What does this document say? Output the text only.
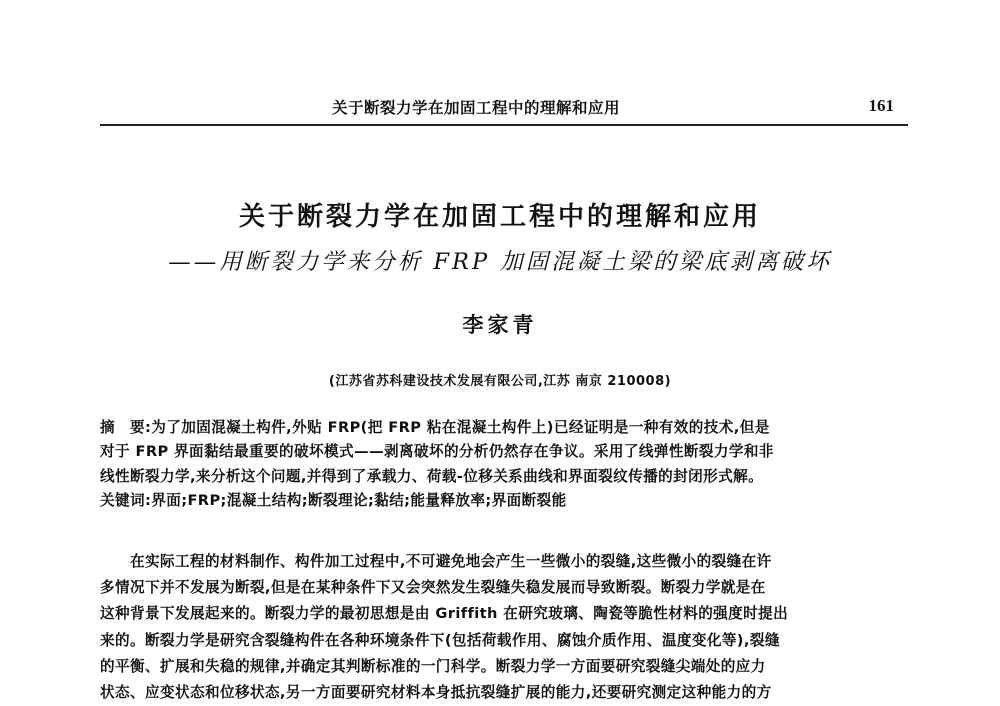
关于断裂力学在加固工程中的理解和应用	161
关于断裂力学在加固工程中的理解和应用
——用断裂力学来分析 FRP 加固混凝土梁的梁底剥离破坏
李家青
(江苏省苏科建设技术发展有限公司,江苏 南京 210008)
摘　要:为了加固混凝土构件,外贴 FRP(把 FRP 粘在混凝土构件上)已经证明是一种有效的技术,但是
对于 FRP 界面黏结最重要的破坏模式——剥离破坏的分析仍然存在争议。采用了线弹性断裂力学和非
线性断裂力学,来分析这个问题,并得到了承载力、荷载-位移关系曲线和界面裂纹传播的封闭形式解。
关键词:界面;FRP;混凝土结构;断裂理论;黏结;能量释放率;界面断裂能
在实际工程的材料制作、构件加工过程中,不可避免地会产生一些微小的裂缝,这些微小的裂缝在许
多情况下并不发展为断裂,但是在某种条件下又会突然发生裂缝失稳发展而导致断裂。断裂力学就是在
这种背景下发展起来的。断裂力学的最初思想是由 Griffith 在研究玻璃、陶瓷等脆性材料的强度时提出
来的。断裂力学是研究含裂缝构件在各种环境条件下(包括荷载作用、腐蚀介质作用、温度变化等),裂缝
的平衡、扩展和失稳的规律,并确定其判断标准的一门科学。断裂力学一方面要研究裂缝尖端处的应力
状态、应变状态和位移状态,另一方面要研究材料本身抵抗裂缝扩展的能力,还要研究测定这种能力的方
